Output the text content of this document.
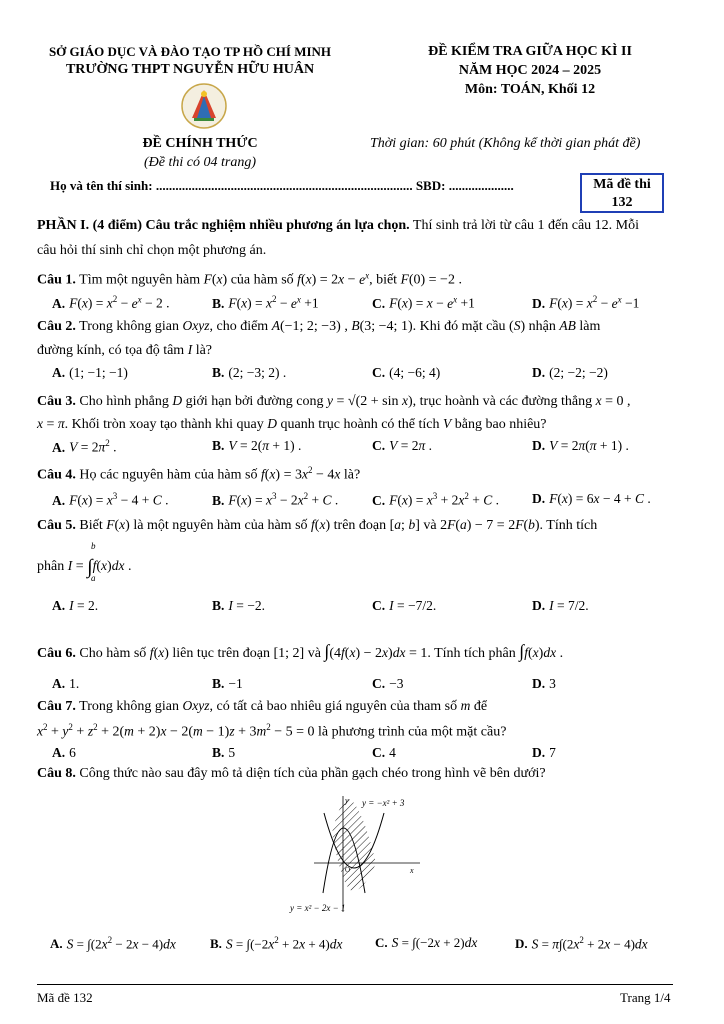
SỞ GIÁO DỤC VÀ ĐÀO TẠO TP HỒ CHÍ MINH
TRƯỜNG THPT NGUYỄN HỮU HUÂN
ĐỀ KIỂM TRA GIỮA HỌC KÌ II
NĂM HỌC 2024 – 2025
Môn: TOÁN, Khối 12
ĐỀ CHÍNH THỨC
(Đề thi có 04 trang)
Thời gian: 60 phút (Không kể thời gian phát đề)
Họ và tên thí sinh: ............................................................................... SBD: ....................	Mã đề thi
132
PHẦN I. (4 điểm) Câu trắc nghiệm nhiều phương án lựa chọn. Thí sinh trả lời từ câu 1 đến câu 12. Mỗi
câu hỏi thí sinh chỉ chọn một phương án.
Câu 1. Tìm một nguyên hàm F(x) của hàm số $f(x) = 2x - e^x$, biết F(0) = −2 .
A. $F(x) = x^2 - e^x - 2$ .	B. $F(x) = x^2 - e^x +1$	C. $F(x) = x - e^x +1$	D. $F(x) = x^2 - e^x -1$
Câu 2. Trong không gian Oxyz, cho điểm A(−1; 2; −3) , B(3; −4; 1). Khi đó mặt cầu (S) nhận AB làm
đường kính, có tọa độ tâm I là?
A. (1; −1; −1)	B. (2; −3; 2) .	C. (4; −6; 4)	D. (2; −2; −2)
Câu 3. Cho hình phẳng D giới hạn bởi đường cong y = √(2 + sin x), trục hoành và các đường thẳng x = 0 ,
x = π. Khối tròn xoay tạo thành khi quay D quanh trục hoành có thể tích V bằng bao nhiêu?
A. $V = 2\pi^2$ .	B. V = 2(π + 1) .	C. V = 2π .	D. V = 2π(π + 1) .
Câu 4. Họ các nguyên hàm của hàm số $f(x) = 3x^2 - 4x$ là?
A. $F(x) = x^3 - 4 + C$ .	B. $F(x) = x^3 - 2x^2 + C$ .	C. $F(x) = x^3 + 2x^2 + C$ .	D. F(x) = 6x − 4 + C .
Câu 5. Biết F(x) là một nguyên hàm của hàm số f(x) trên đoạn [a; b] và 2F(a) − 7 = 2F(b). Tính tích
phân I = ∫f(x)dx .
b
a
A. I = 2.	B. I = −2.	C. I = −7/2.	D. I = 7/2.
Câu 6. Cho hàm số f(x) liên tục trên đoạn [1; 2] và ∫(4f(x) − 2x)dx = 1. Tính tích phân ∫f(x)dx .
A. 1.	B. −1	C. −3	D. 3
Câu 7. Trong không gian Oxyz, có tất cả bao nhiêu giá nguyên của tham số m để
$x^2 + y^2 + z^2 + 2(m + 2)x - 2(m - 1)z + 3m^2 - 5 = 0$ là phương trình của một mặt cầu?
A. 6	B. 5	C. 4	D. 7
Câu 8. Công thức nào sau đây mô tả diện tích của phần gạch chéo trong hình vẽ bên dưới?
y
x
O
y = −x² + 3
y = x² − 2x − 1
A. $S = \int(2x^2 - 2x - 4)dx$	B. $S = \int(-2x^2 + 2x + 4)dx$	C. S = ∫(−2x + 2)dx	D. $S = \pi\int(2x^2 + 2x - 4)dx$
Mã đề 132	Trang 1/4
